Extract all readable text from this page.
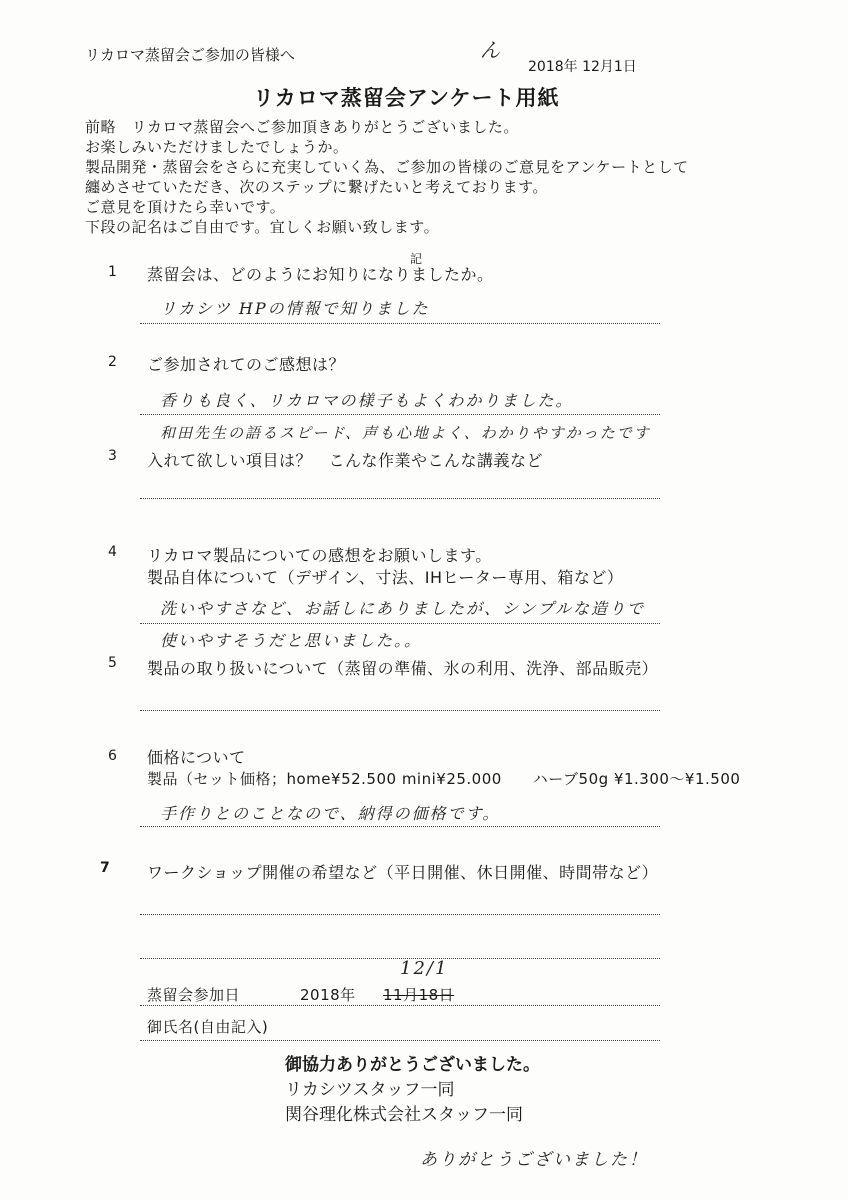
リカロマ蒸留会ご参加の皆様へ	ん
2018年 12月1日
リカロマ蒸留会アンケート用紙
前略　リカロマ蒸留会へご参加頂きありがとうございました。
お楽しみいただけましたでしょうか。
製品開発・蒸留会をさらに充実していく為、ご参加の皆様のご意見をアンケートとして
纏めさせていただき、次のステップに繋げたいと考えております。
ご意見を頂けたら幸いです。
下段の記名はご自由です。宜しくお願い致します。
記
1 蒸留会は、どのようにお知りになりましたか。
リカシツ HPの情報で知りました
2 ご参加されてのご感想は？
香りも良く、リカロマの様子もよくわかりました。
和田先生の語るスピード、声も心地よく、わかりやすかったです
3 入れて欲しい項目は？　こんな作業やこんな講義など
4 リカロマ製品についての感想をお願いします。
製品自体について（デザイン、寸法、IHヒーター専用、箱など）
洗いやすさなど、お話しにありましたが、シンプルな造りで
使いやすそうだと思いました。。
5 製品の取り扱いについて（蒸留の準備、氷の利用、洗浄、部品販売）
6 価格について
製品（セット価格；home¥52.500 mini¥25.000　　ハーブ50g ¥1.300〜¥1.500
手作りとのことなので、納得の価格です。
7 ワークショップ開催の希望など（平日開催、休日開催、時間帯など）
蒸留会参加日	2018年 11月18日
12/1
御氏名(自由記入)
御協力ありがとうございました。
リカシツスタッフ一同
関谷理化株式会社スタッフ一同
ありがとうございました！
